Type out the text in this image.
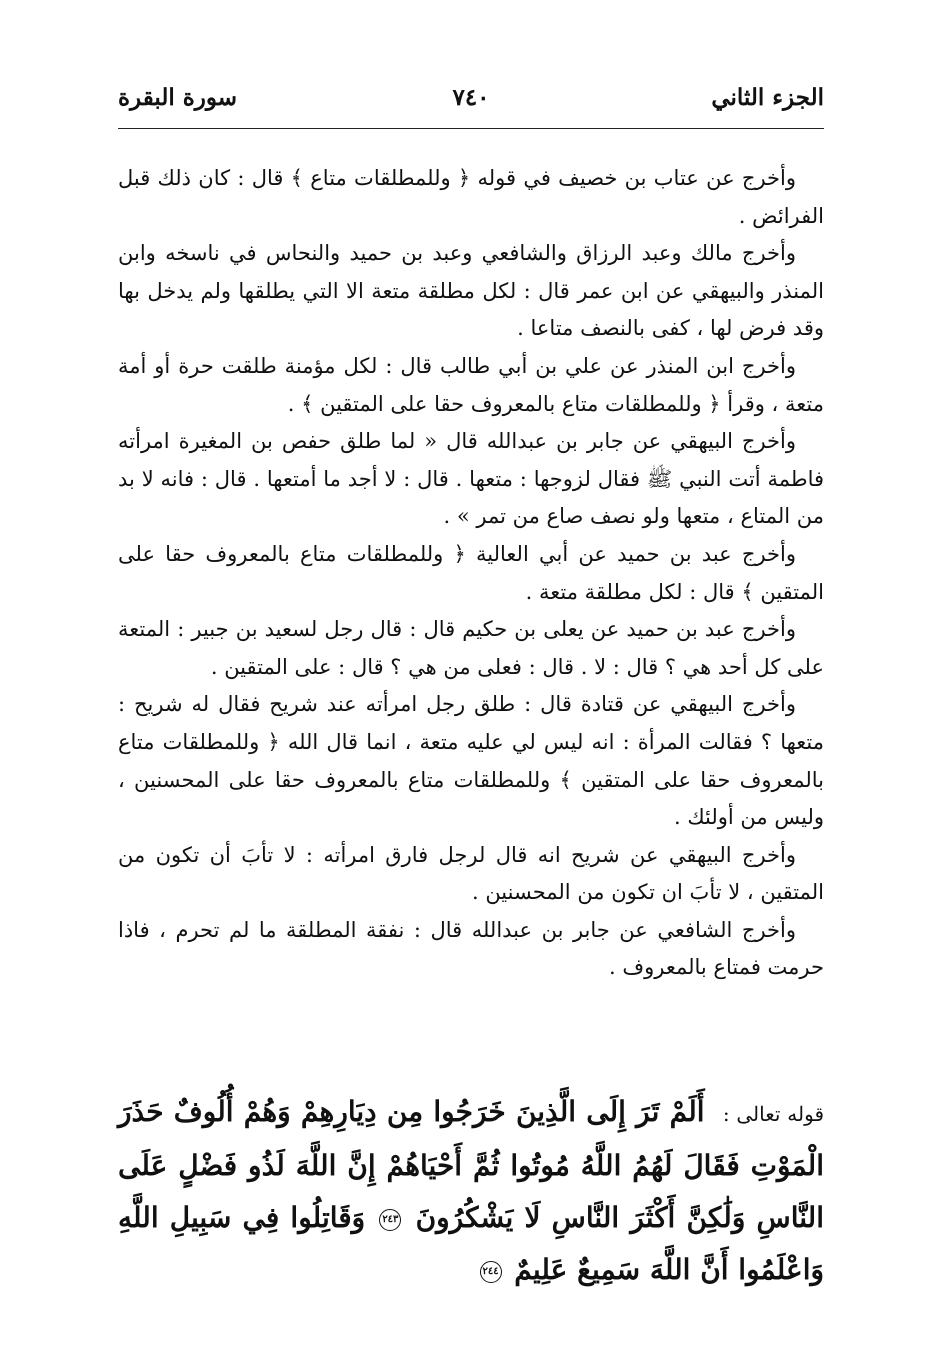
الجزء الثاني
٧٤٠
سورة البقرة

وأخرج عن عتاب بن خصيف في قوله ﴿ وللمطلقات متاع ﴾ قال : كان ذلك قبل الفرائض .

وأخرج مالك وعبد الرزاق والشافعي وعبد بن حميد والنحاس في ناسخه وابن المنذر والبيهقي عن ابن عمر قال : لكل مطلقة متعة الا التي يطلقها ولم يدخل بها وقد فرض لها ، كفى بالنصف متاعا .

وأخرج ابن المنذر عن علي بن أبي طالب قال : لكل مؤمنة طلقت حرة أو أمة متعة ، وقرأ ﴿ وللمطلقات متاع بالمعروف حقا على المتقين ﴾ .

وأخرج البيهقي عن جابر بن عبدالله قال « لما طلق حفص بن المغيرة امرأته فاطمة أتت النبي ﷺ فقال لزوجها : متعها . قال : لا أجد ما أمتعها . قال : فانه لا بد من المتاع ، متعها ولو نصف صاع من تمر » .

وأخرج عبد بن حميد عن أبي العالية ﴿ وللمطلقات متاع بالمعروف حقا على المتقين ﴾ قال : لكل مطلقة متعة .

وأخرج عبد بن حميد عن يعلى بن حكيم قال : قال رجل لسعيد بن جبير : المتعة على كل أحد هي ؟ قال : لا . قال : فعلى من هي ؟ قال : على المتقين .

وأخرج البيهقي عن قتادة قال : طلق رجل امرأته عند شريح فقال له شريح : متعها ؟ فقالت المرأة : انه ليس لي عليه متعة ، انما قال الله ﴿ وللمطلقات متاع بالمعروف حقا على المتقين ﴾ وللمطلقات متاع بالمعروف حقا على المحسنين ، وليس من أولئك .

وأخرج البيهقي عن شريح انه قال لرجل فارق امرأته : لا تأبَ أن تكون من المتقين ، لا تأبَ ان تكون من المحسنين .

وأخرج الشافعي عن جابر بن عبدالله قال : نفقة المطلقة ما لم تحرم ، فاذا حرمت فمتاع بالمعروف .

قوله تعالى : أَلَمْ تَرَ إِلَى الَّذِينَ خَرَجُوا مِن دِيَارِهِمْ وَهُمْ أُلُوفٌ حَذَرَ الْمَوْتِ فَقَالَ لَهُمُ اللَّهُ مُوتُوا ثُمَّ أَحْيَاهُمْ إِنَّ اللَّهَ لَذُو فَضْلٍ عَلَى النَّاسِ وَلَٰكِنَّ أَكْثَرَ النَّاسِ لَا يَشْكُرُونَ ٢٤٣ وَقَاتِلُوا فِي سَبِيلِ اللَّهِ وَاعْلَمُوا أَنَّ اللَّهَ سَمِيعٌ عَلِيمٌ ٢٤٤
